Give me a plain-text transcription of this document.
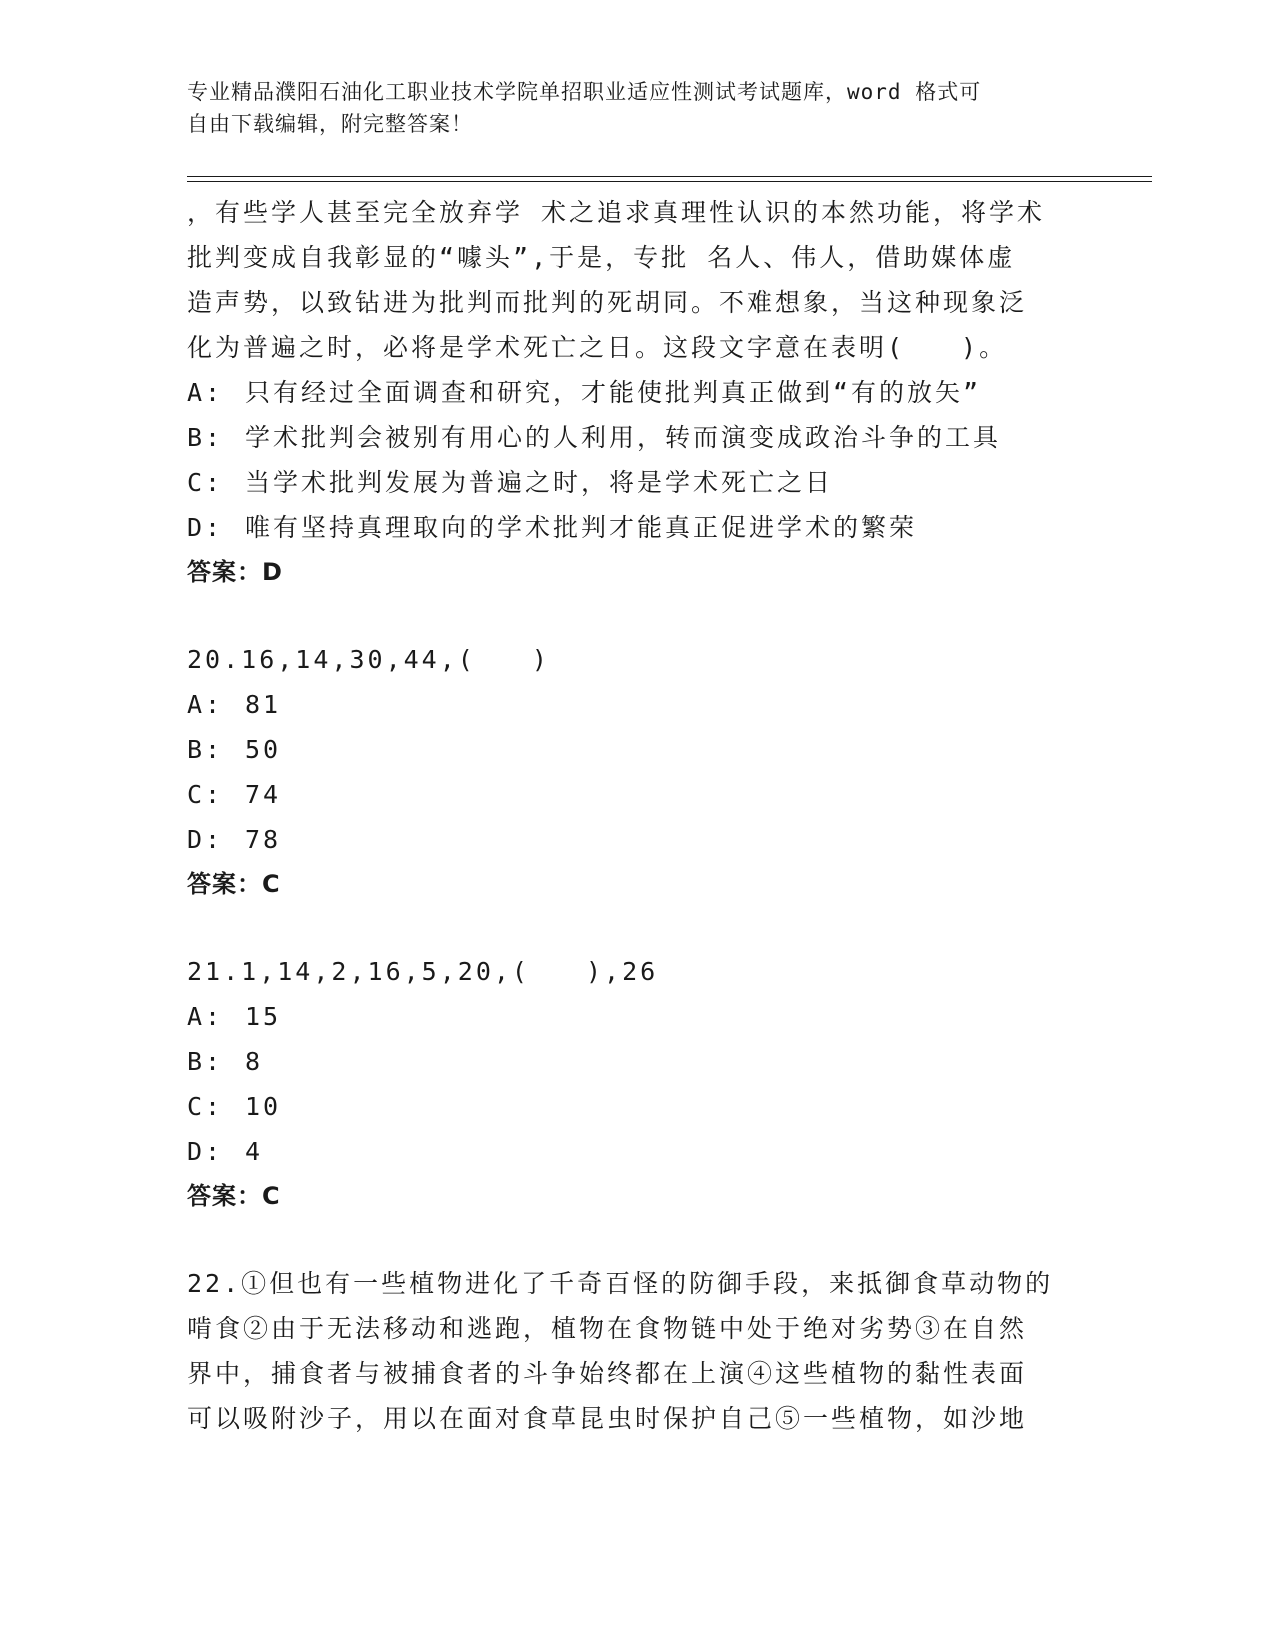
专业精品濮阳石油化工职业技术学院单招职业适应性测试考试题库，word 格式可
自由下载编辑，附完整答案！
，有些学人甚至完全放弃学 术之追求真理性认识的本然功能，将学术
批判变成自我彰显的“噱头”,于是，专批 名人、伟人，借助媒体虚
造声势，以致钻进为批判而批判的死胡同。不难想象，当这种现象泛
化为普遍之时，必将是学术死亡之日。这段文字意在表明(　　)。
A: 只有经过全面调查和研究，才能使批判真正做到“有的放矢”
B: 学术批判会被别有用心的人利用，转而演变成政治斗争的工具
C: 当学术批判发展为普遍之时，将是学术死亡之日
D: 唯有坚持真理取向的学术批判才能真正促进学术的繁荣
答案：D
20.16,14,30,44,(　　)
A: 81
B: 50
C: 74
D: 78
答案：C
21.1,14,2,16,5,20,(　　),26
A: 15
B: 8
C: 10
D: 4
答案：C
22.①但也有一些植物进化了千奇百怪的防御手段，来抵御食草动物的
啃食②由于无法移动和逃跑，植物在食物链中处于绝对劣势③在自然
界中，捕食者与被捕食者的斗争始终都在上演④这些植物的黏性表面
可以吸附沙子，用以在面对食草昆虫时保护自己⑤一些植物，如沙地
